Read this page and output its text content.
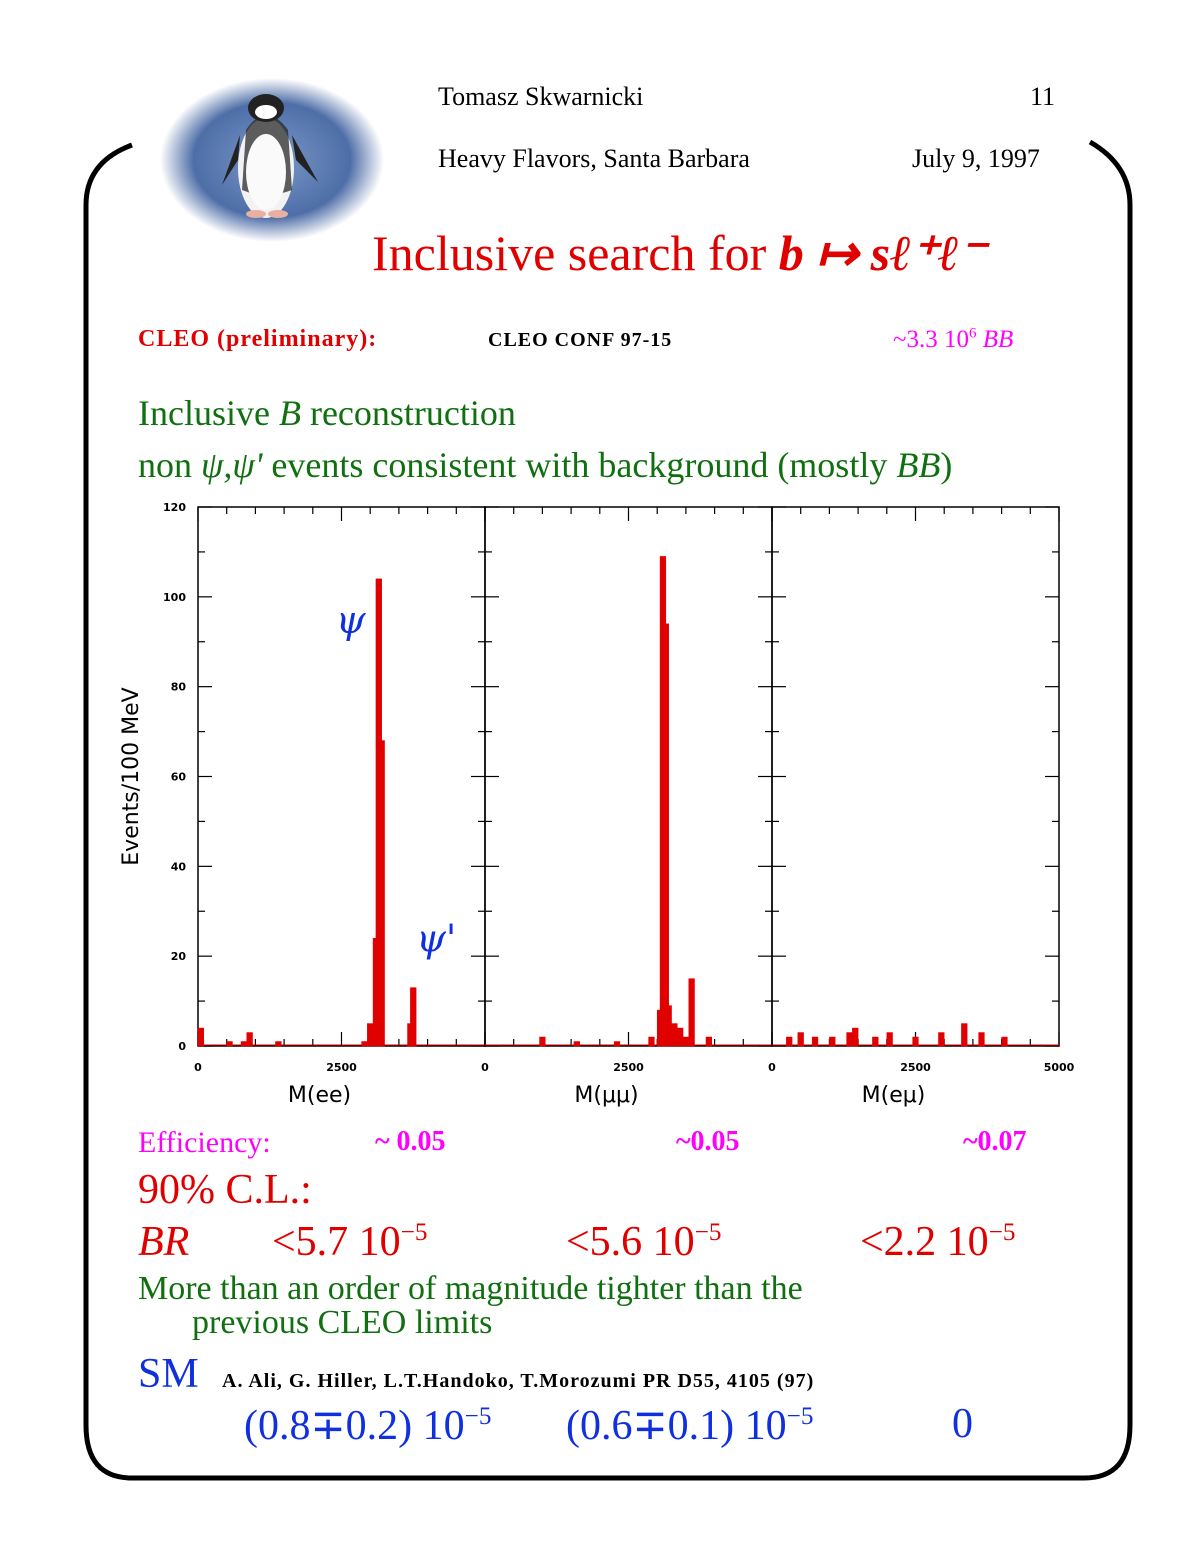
Tomasz Skwarnicki	11
Heavy Flavors, Santa Barbara	July 9, 1997
Inclusive search for b ↦ sℓ⁺ℓ⁻
CLEO (preliminary):	CLEO CONF 97-15	~3.3 $10^6$ BB
Inclusive B reconstruction
non ψ,ψ' events consistent with background (mostly BB)
Events/100 MeV
0
20
40
60
80
100
120
0	2500
M(ee)
ψ
ψ'
0	2500
M(μμ)
0	2500	5000
M(eμ)
Efficiency:	~ 0.05	~0.05	~0.07
90% C.L.:
BR <5.7 $10^{-5}$	<5.6 $10^{-5}$	<2.2 $10^{-5}$
More than an order of magnitude tighter than the
previous CLEO limits
SM A. Ali, G. Hiller, L.T.Handoko, T.Morozumi PR D55, 4105 (97)
(0.8∓0.2) $10^{-5}$ (0.6∓0.1) $10^{-5}$	0
